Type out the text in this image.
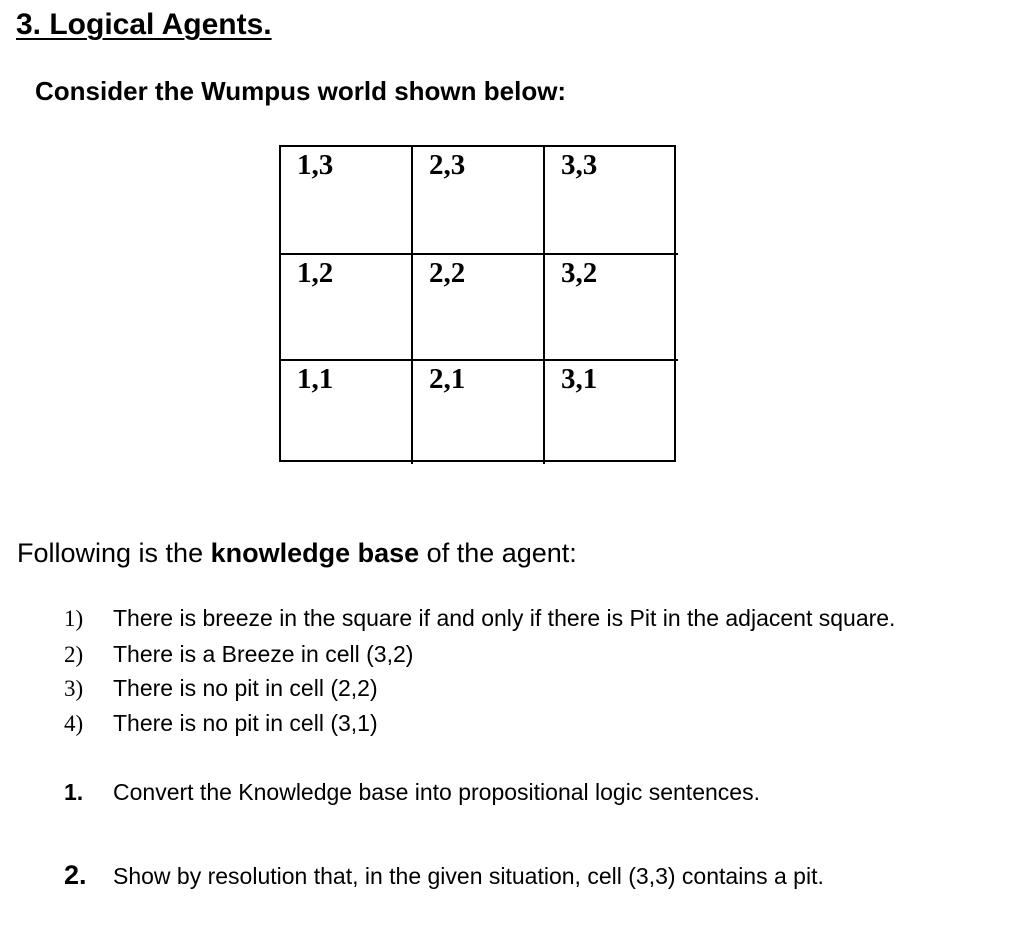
3. Logical Agents.

Consider the Wumpus world shown below:

1,3	2,3	3,3
1,2	2,2	3,2
1,1	2,1	3,1

Following is the knowledge base of the agent:

1) There is breeze in the square if and only if there is Pit in the adjacent square.
2) There is a Breeze in cell (3,2)
3) There is no pit in cell (2,2)
4) There is no pit in cell (3,1)
1. Convert the Knowledge base into propositional logic sentences.
2. Show by resolution that, in the given situation, cell (3,3) contains a pit.
